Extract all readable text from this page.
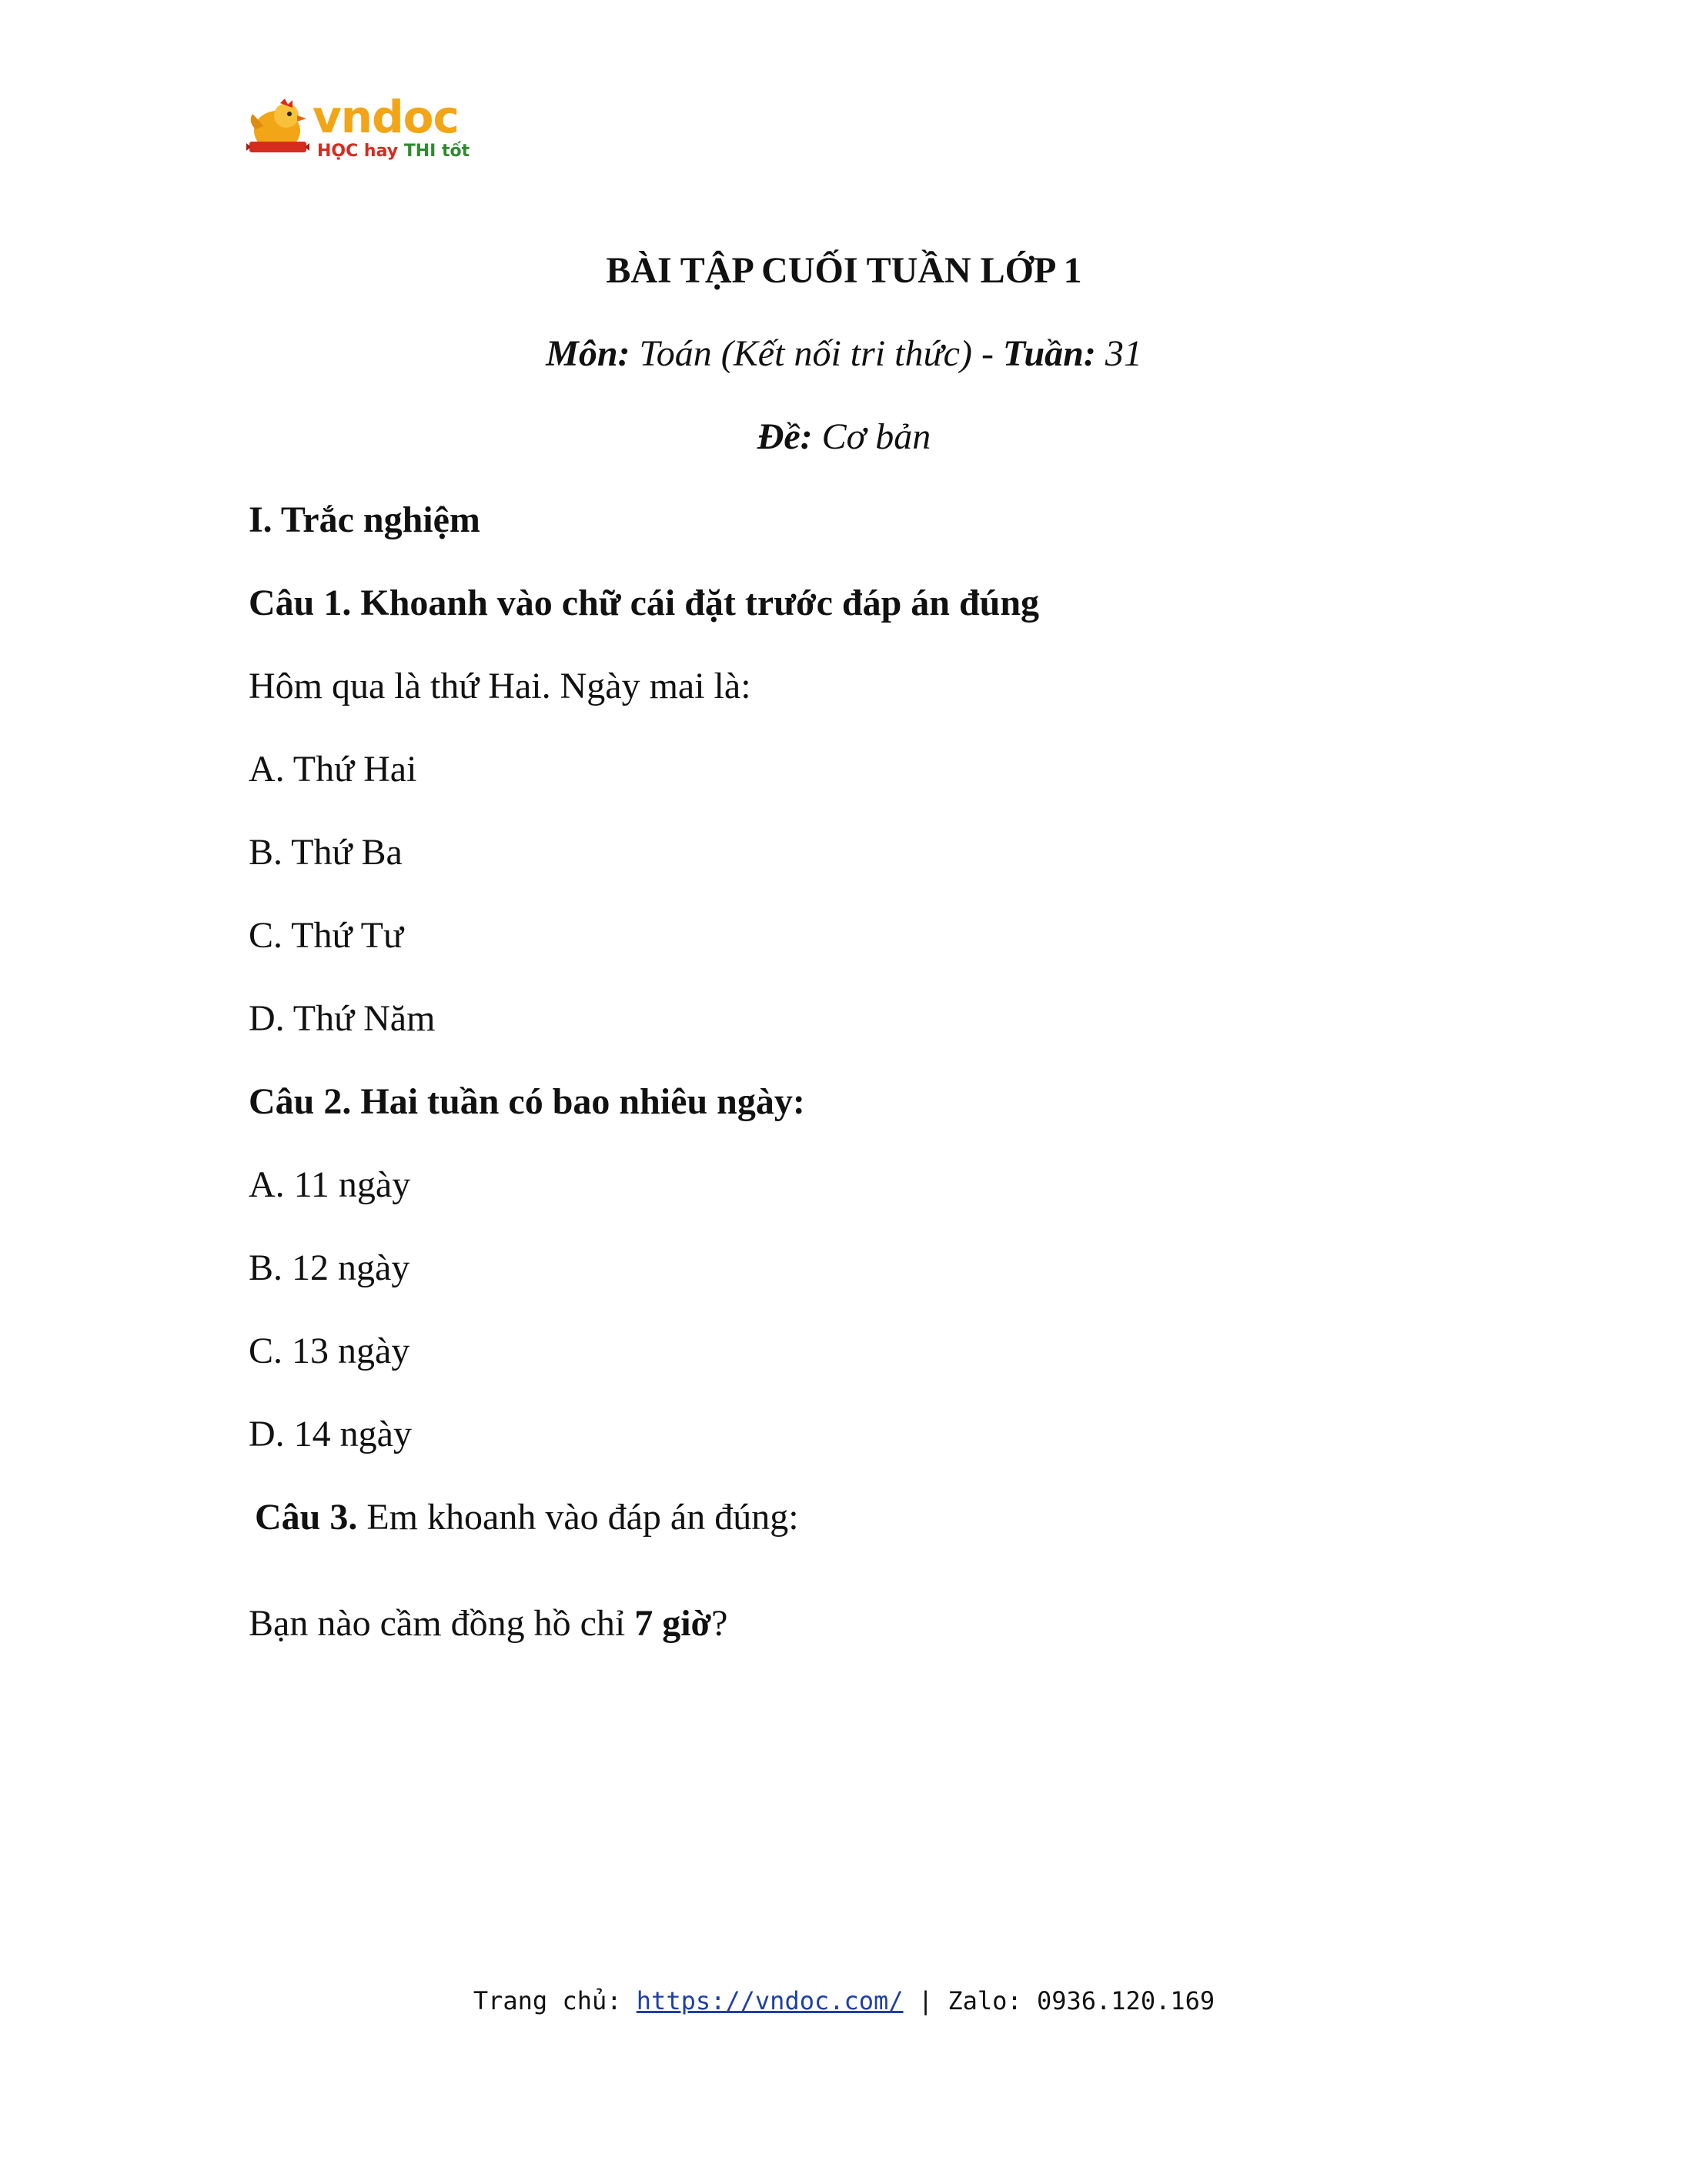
vndoc
HỌC hay THI tốt
BÀI TẬP CUỐI TUẦN LỚP 1
Môn: Toán (Kết nối tri thức) - Tuần: 31
Đề: Cơ bản
I. Trắc nghiệm
Câu 1. Khoanh vào chữ cái đặt trước đáp án đúng
Hôm qua là thứ Hai. Ngày mai là:
A. Thứ Hai
B. Thứ Ba
C. Thứ Tư
D. Thứ Năm
Câu 2. Hai tuần có bao nhiêu ngày:
A. 11 ngày
B. 12 ngày
C. 13 ngày
D. 14 ngày
Câu 3. Em khoanh vào đáp án đúng:
Bạn nào cầm đồng hồ chỉ 7 giờ?
Trang chủ: https://vndoc.com/ | Zalo: 0936.120.169
